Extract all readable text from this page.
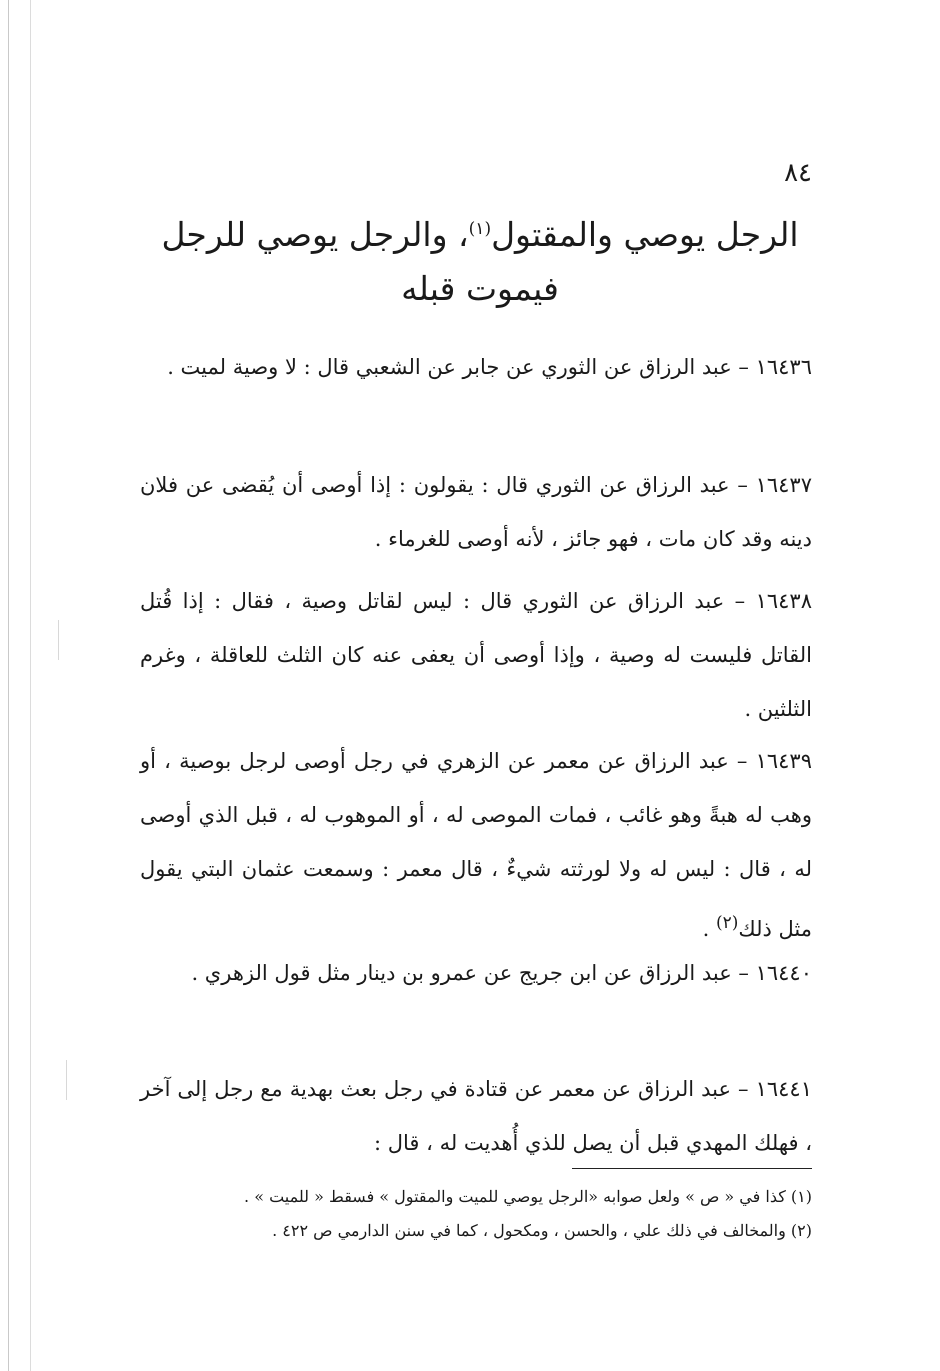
٨٤
الرجل يوصي والمقتول$^{(١)}$، والرجل يوصي للرجل
فيموت قبله
١٦٤٣٦ – عبد الرزاق عن الثوري عن جابر عن الشعبي قال : لا وصية لميت .
١٦٤٣٧ – عبد الرزاق عن الثوري قال : يقولون : إذا أوصى أن يُقضى عن فلان دينه وقد كان مات ، فهو جائز ، لأنه أوصى للغرماء .
١٦٤٣٨ – عبد الرزاق عن الثوري قال : ليس لقاتل وصية ، فقال : إذا قُتل القاتل فليست له وصية ، وإذا أوصى أن يعفى عنه كان الثلث للعاقلة ، وغرم الثلثين .
١٦٤٣٩ – عبد الرزاق عن معمر عن الزهري في رجل أوصى لرجل بوصية ، أو وهب له هبةً وهو غائب ، فمات الموصى له ، أو الموهوب له ، قبل الذي أوصى له ، قال : ليس له ولا لورثته شيءٌ ، قال معمر : وسمعت عثمان البتي يقول مثل ذلك$^{(٢)}$ .
١٦٤٤٠ – عبد الرزاق عن ابن جريج عن عمرو بن دينار مثل قول الزهري .
١٦٤٤١ – عبد الرزاق عن معمر عن قتادة في رجل بعث بهدية مع رجل إلى آخر ، فهلك المهدي قبل أن يصل للذي أُهديت له ، قال :
(١) كذا في « ص » ولعل صوابه «الرجل يوصي للميت والمقتول » فسقط « للميت » .
(٢) والمخالف في ذلك علي ، والحسن ، ومكحول ، كما في سنن الدارمي ص ٤٢٢ .
